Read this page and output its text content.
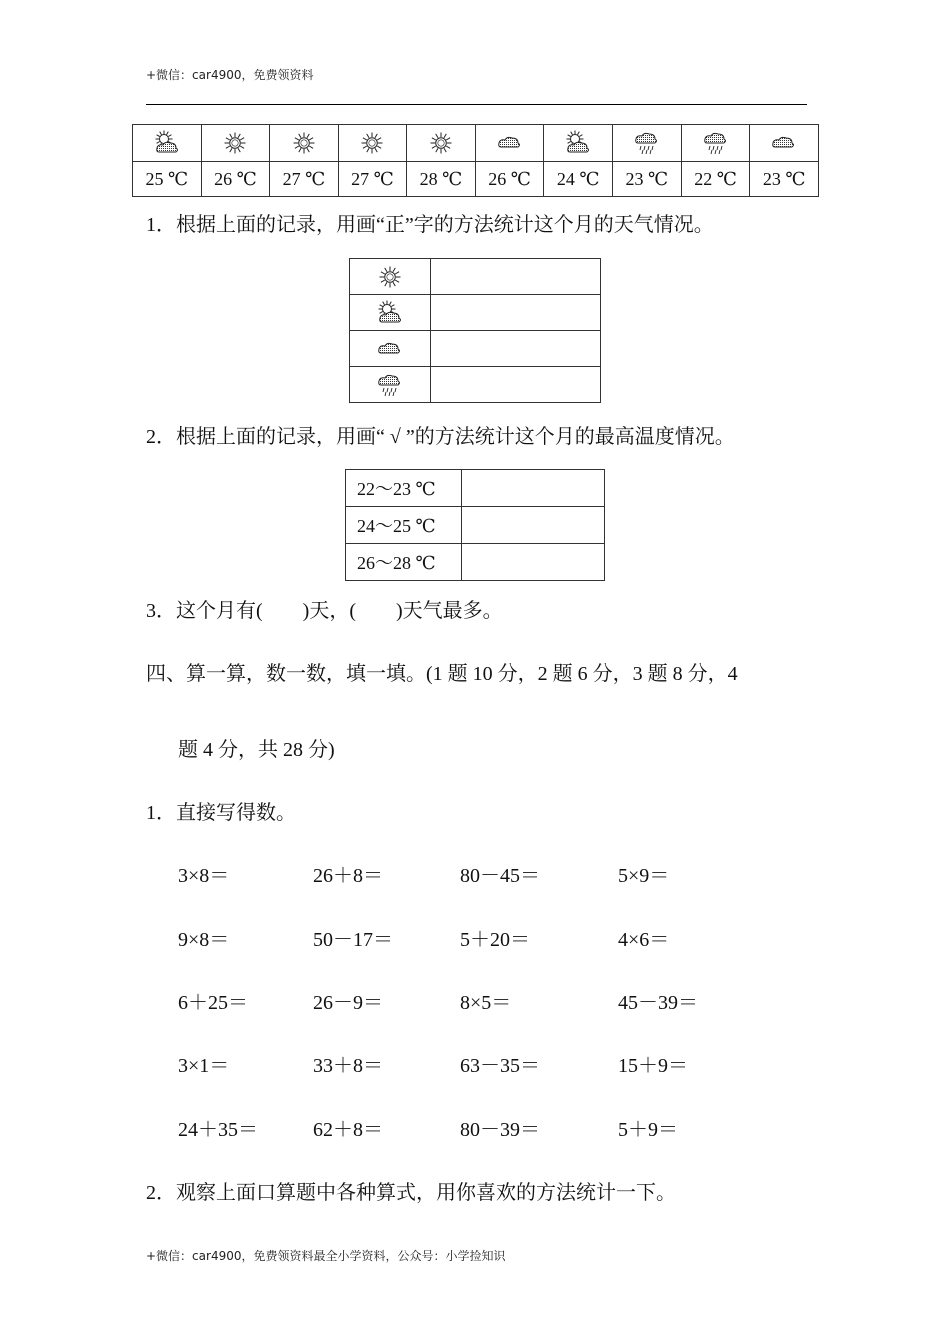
+微信：car4900，免费领资料

25 ℃	26 ℃	27 ℃	27 ℃	28 ℃	26 ℃	24 ℃	23 ℃	22 ℃	23 ℃
1．根据上面的记录，用画“正”字的方法统计这个月的天气情况。

2．根据上面的记录，用画“ √ ”的方法统计这个月的最高温度情况。
22～23 ℃	
24～25 ℃	
26～28 ℃	
3．这个月有(　　)天，(　　)天气最多。
四、算一算，数一数，填一填。(1 题 10 分，2 题 6 分，3 题 8 分，4
题 4 分，共 28 分)
1．直接写得数。
3×8＝	26＋8＝	80－45＝	5×9＝
9×8＝	50－17＝	5＋20＝	4×6＝
6＋25＝	26－9＝	8×5＝	45－39＝
3×1＝	33＋8＝	63－35＝	15＋9＝
24＋35＝	62＋8＝	80－39＝	5＋9＝
2．观察上面口算题中各种算式，用你喜欢的方法统计一下。
+微信：car4900，免费领资料最全小学资料，公众号：小学捡知识
